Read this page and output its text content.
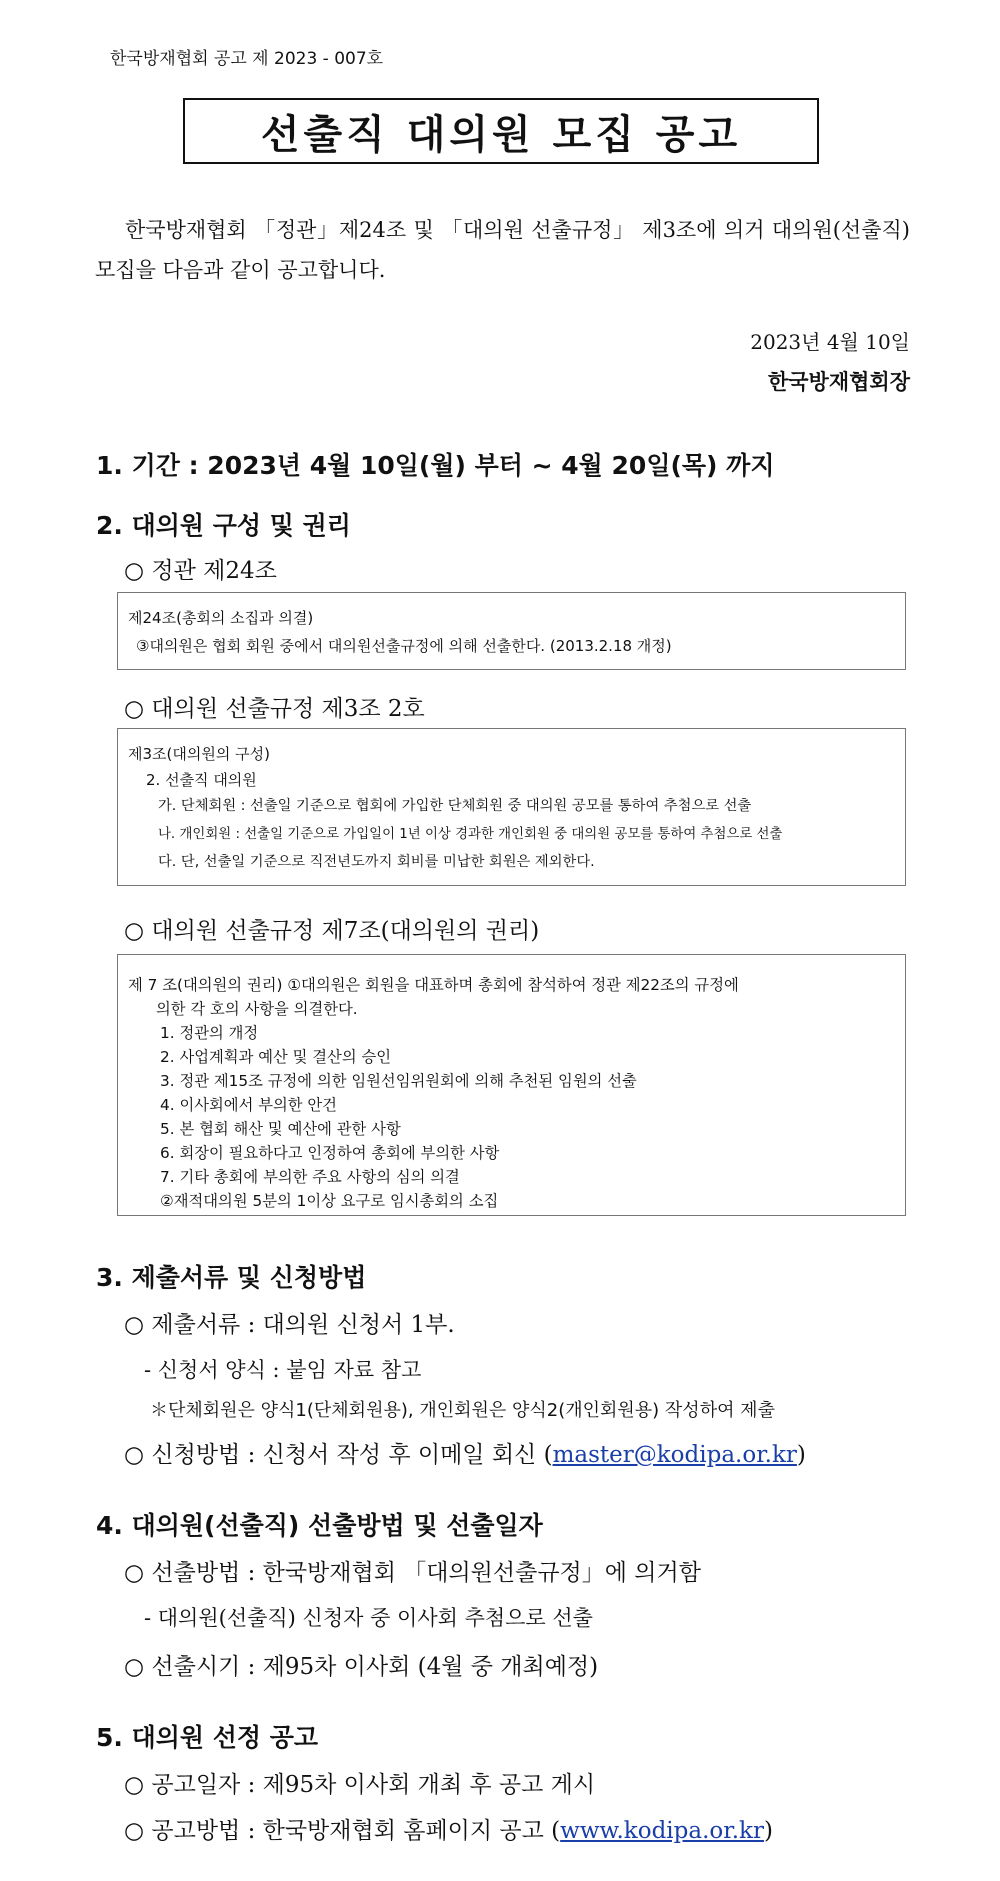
한국방재협회 공고 제 2023 - 007호
선출직 대의원 모집 공고
한국방재협회 「정관」제24조 및 「대의원 선출규정」 제3조에 의거 대의원(선출직) 모집을 다음과 같이 공고합니다.
2023년 4월 10일
한국방재협회장
1. 기간 : 2023년 4월 10일(월) 부터 ~ 4월 20일(목) 까지
2. 대의원 구성 및 권리
○ 정관 제24조
제24조(총회의 소집과 의결)
③대의원은 협회 회원 중에서 대의원선출규정에 의해 선출한다. (2013.2.18 개정)
○ 대의원 선출규정 제3조 2호
제3조(대의원의 구성)
2. 선출직 대의원
가. 단체회원 : 선출일 기준으로 협회에 가입한 단체회원 중 대의원 공모를 통하여 추첨으로 선출
나. 개인회원 : 선출일 기준으로 가입일이 1년 이상 경과한 개인회원 중 대의원 공모를 통하여 추첨으로 선출
다. 단, 선출일 기준으로 직전년도까지 회비를 미납한 회원은 제외한다.
○ 대의원 선출규정 제7조(대의원의 권리)
제 7 조(대의원의 권리) ①대의원은 회원을 대표하며 총회에 참석하여 정관 제22조의 규정에
의한 각 호의 사항을 의결한다.
1. 정관의 개정
2. 사업계획과 예산 및 결산의 승인
3. 정관 제15조 규정에 의한 임원선임위원회에 의해 추천된 임원의 선출
4. 이사회에서 부의한 안건
5. 본 협회 해산 및 예산에 관한 사항
6. 회장이 필요하다고 인정하여 총회에 부의한 사항
7. 기타 총회에 부의한 주요 사항의 심의 의결
②재적대의원 5분의 1이상 요구로 임시총회의 소집
3. 제출서류 및 신청방법
○ 제출서류 : 대의원 신청서 1부.
- 신청서 양식 : 붙임 자료 참고
＊단체회원은 양식1(단체회원용), 개인회원은 양식2(개인회원용) 작성하여 제출
○ 신청방법 : 신청서 작성 후 이메일 회신 (master@kodipa.or.kr)
4. 대의원(선출직) 선출방법 및 선출일자
○ 선출방법 : 한국방재협회 「대의원선출규정」에 의거함
- 대의원(선출직) 신청자 중 이사회 추첨으로 선출
○ 선출시기 : 제95차 이사회 (4월 중 개최예정)
5. 대의원 선정 공고
○ 공고일자 : 제95차 이사회 개최 후 공고 게시
○ 공고방법 : 한국방재협회 홈페이지 공고 (www.kodipa.or.kr)
